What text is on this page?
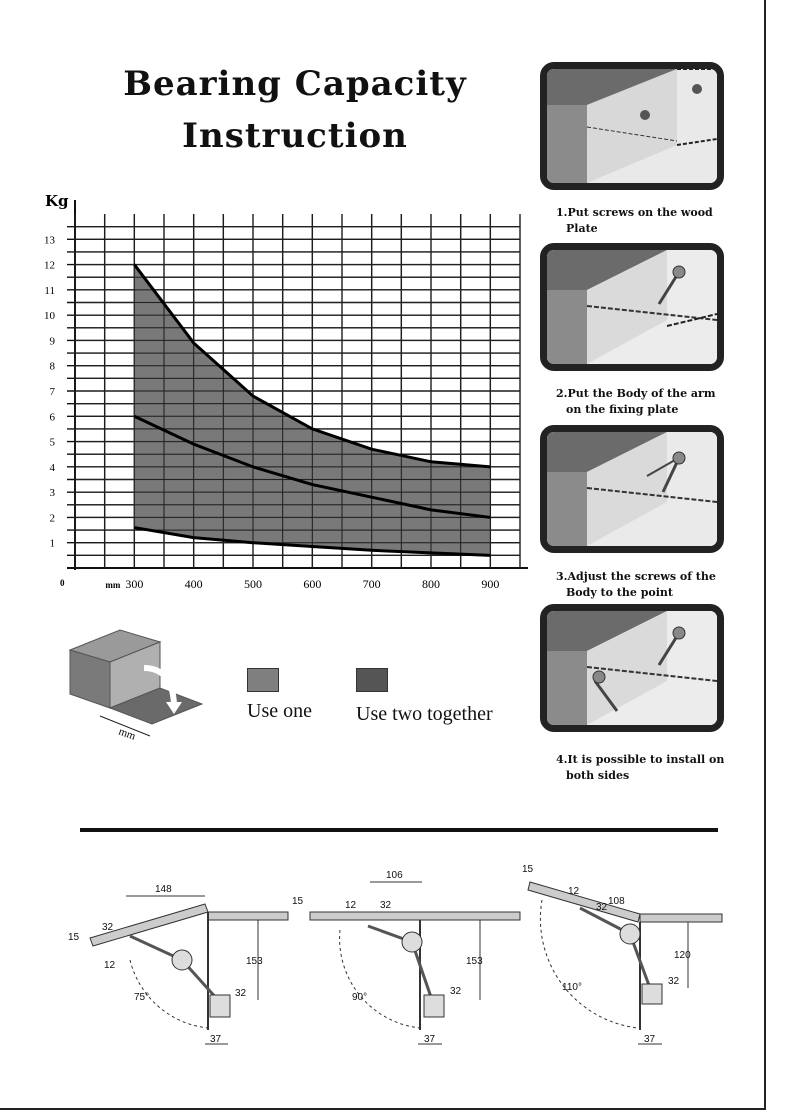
Bearing Capacity
Instruction
1
2
3
4
5
6
7
8
9
10
11
12
13
300	400	500	600	700	800	900
Kg
mm
0
mm
Use one Use two together
1.Put screws on the wood
Plate
2.Put the Body of the arm
on the fixing plate
3.Adjust the screws of the
Body to the point
4.It is possible to install on
both sides
148
32
15
12	153
32
37
75°
106
32
15	12
153
32
37
90°
108
32
15
12
120
32
37
110°
